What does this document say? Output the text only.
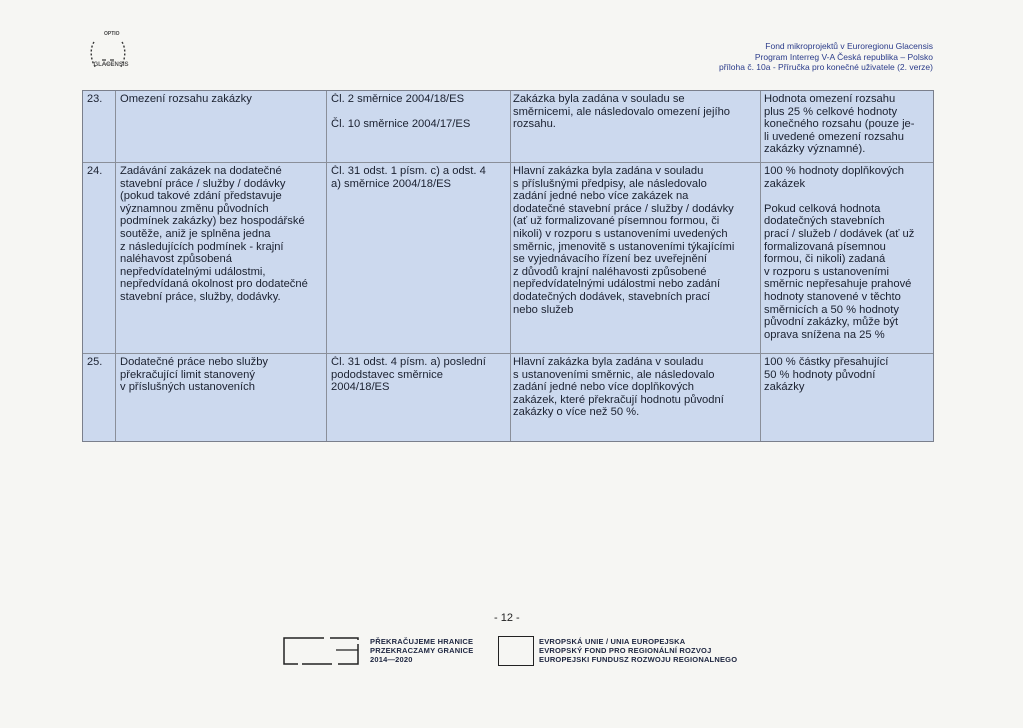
OPTIO
GLACENSIS
Fond mikroprojektů v Euroregionu Glacensis
Program Interreg V-A Česká republika – Polsko
příloha č. 10a - Příručka pro konečné uživatele (2. verze)
23. Omezení rozsahu zakázky	Čl. 2 směrnice 2004/18/ES

Čl. 10 směrnice 2004/17/ES
Zakázka byla zadána v souladu se
směrnicemi, ale následovalo omezení jejího
rozsahu.
Hodnota omezení rozsahu
plus 25 % celkové hodnoty
konečného rozsahu (pouze je-
li uvedené omezení rozsahu
zakázky významné).
24. Zadávání zakázek na dodatečné
stavební práce / služby / dodávky
(pokud takové zdání představuje
významnou změnu původních
podmínek zakázky) bez hospodářské
soutěže, aniž je splněna jedna
z následujících podmínek - krajní
naléhavost způsobená
nepředvídatelnými událostmi,
nepředvídaná okolnost pro dodatečné
stavební práce, služby, dodávky.
Čl. 31 odst. 1 písm. c) a odst. 4
a) směrnice 2004/18/ES
Hlavní zakázka byla zadána v souladu
s příslušnými předpisy, ale následovalo
zadání jedné nebo více zakázek na
dodatečné stavební práce / služby / dodávky
(ať už formalizované písemnou formou, či
nikoli) v rozporu s ustanoveními uvedených
směrnic, jmenovitě s ustanoveními týkajícími
se vyjednávacího řízení bez uveřejnění
z důvodů krajní naléhavosti způsobené
nepředvídatelnými událostmi nebo zadání
dodatečných dodávek, stavebních prací
nebo služeb
100 % hodnoty doplňkových
zakázek

Pokud celková hodnota
dodatečných stavebních
prací / služeb / dodávek (ať už
formalizovaná písemnou
formou, či nikoli) zadaná
v rozporu s ustanoveními
směrnic nepřesahuje prahové
hodnoty stanovené v těchto
směrnicích a 50 % hodnoty
původní zakázky, může být
oprava snížena na 25 %
25. Dodatečné práce nebo služby
překračující limit stanovený
v příslušných ustanoveních
Čl. 31 odst. 4 písm. a) poslední
pododstavec směrnice
2004/18/ES
Hlavní zakázka byla zadána v souladu
s ustanoveními směrnic, ale následovalo
zadání jedné nebo více doplňkových
zakázek, které překračují hodnotu původní
zakázky o více než 50 %.
100 % částky přesahující
50 % hodnoty původní
zakázky
- 12 -
PŘEKRAČUJEME HRANICE
PRZEKRACZAMY GRANICE
2014—2020
EVROPSKÁ UNIE / UNIA EUROPEJSKA
EVROPSKÝ FOND PRO REGIONÁLNÍ ROZVOJ
EUROPEJSKI FUNDUSZ ROZWOJU REGIONALNEGO
